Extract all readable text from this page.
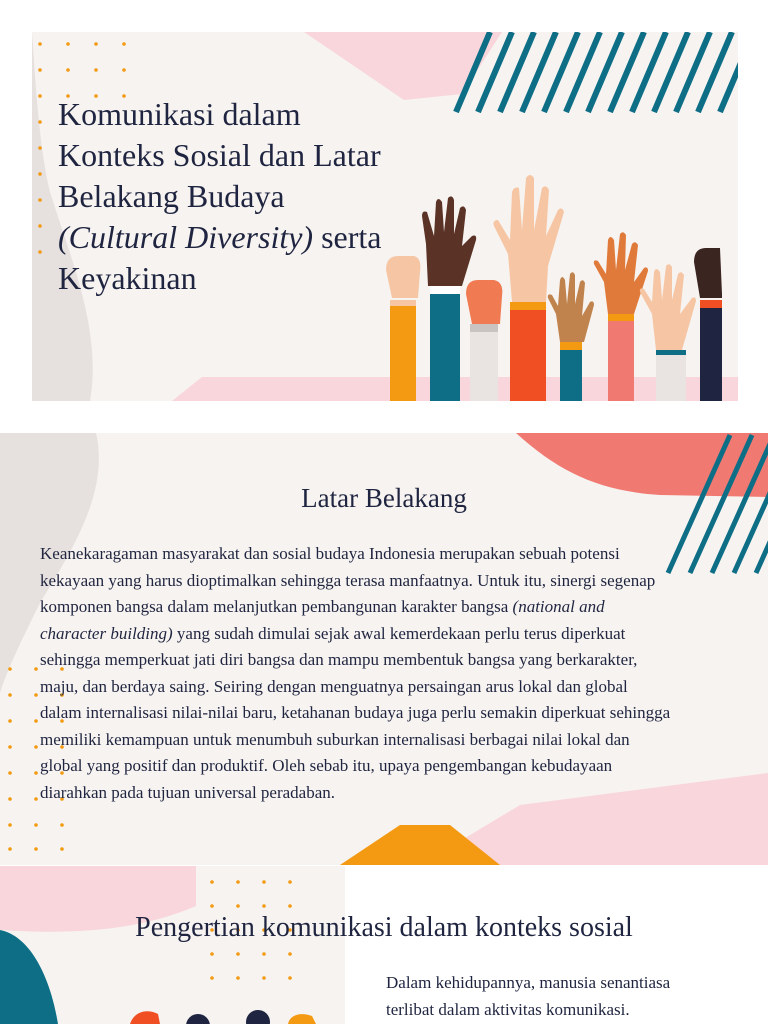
Komunikasi dalam
Konteks Sosial dan Latar
Belakang Budaya
(Cultural Diversity) serta
Keyakinan
Latar Belakang
Keanekaragaman masyarakat dan sosial budaya Indonesia merupakan sebuah potensi kekayaan yang harus dioptimalkan sehingga terasa manfaatnya. Untuk itu, sinergi segenap komponen bangsa dalam melanjutkan pembangunan karakter bangsa (national and character building) yang sudah dimulai sejak awal kemerdekaan perlu terus diperkuat sehingga memperkuat jati diri bangsa dan mampu membentuk bangsa yang berkarakter, maju, dan berdaya saing. Seiring dengan menguatnya persaingan arus lokal dan global dalam internalisasi nilai-nilai baru, ketahanan budaya juga perlu semakin diperkuat sehingga memiliki kemampuan untuk menumbuh suburkan internalisasi berbagai nilai lokal dan global yang positif dan produktif. Oleh sebab itu, upaya pengembangan kebudayaan diarahkan pada tujuan universal peradaban.
Pengertian komunikasi dalam konteks sosial
Dalam kehidupannya, manusia senantiasa
terlibat dalam aktivitas komunikasi.
